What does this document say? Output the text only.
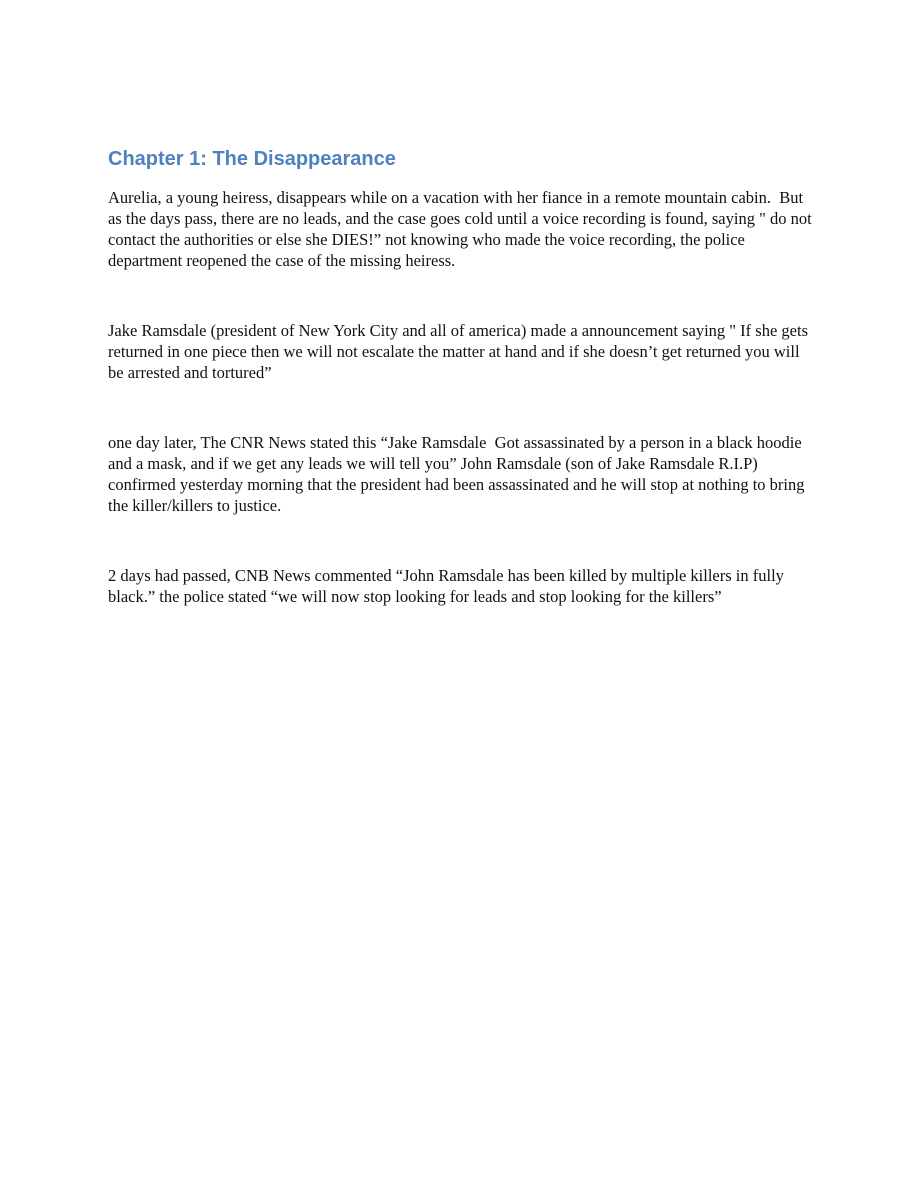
Chapter 1: The Disappearance

Aurelia, a young heiress, disappears while on a vacation with her fiance in a remote mountain cabin.  But as the days pass, there are no leads, and the case goes cold until a voice recording is found, saying " do not contact the authorities or else she DIES!” not knowing who made the voice recording, the police department reopened the case of the missing heiress.

Jake Ramsdale (president of New York City and all of america) made a announcement saying " If she gets returned in one piece then we will not escalate the matter at hand and if she doesn’t get returned you will be arrested and tortured”

one day later, The CNR News stated this “Jake Ramsdale  Got assassinated by a person in a black hoodie and a mask, and if we get any leads we will tell you” John Ramsdale (son of Jake Ramsdale R.I.P) confirmed yesterday morning that the president had been assassinated and he will stop at nothing to bring the killer/killers to justice.

2 days had passed, CNB News commented “John Ramsdale has been killed by multiple killers in fully black.” the police stated “we will now stop looking for leads and stop looking for the killers”
